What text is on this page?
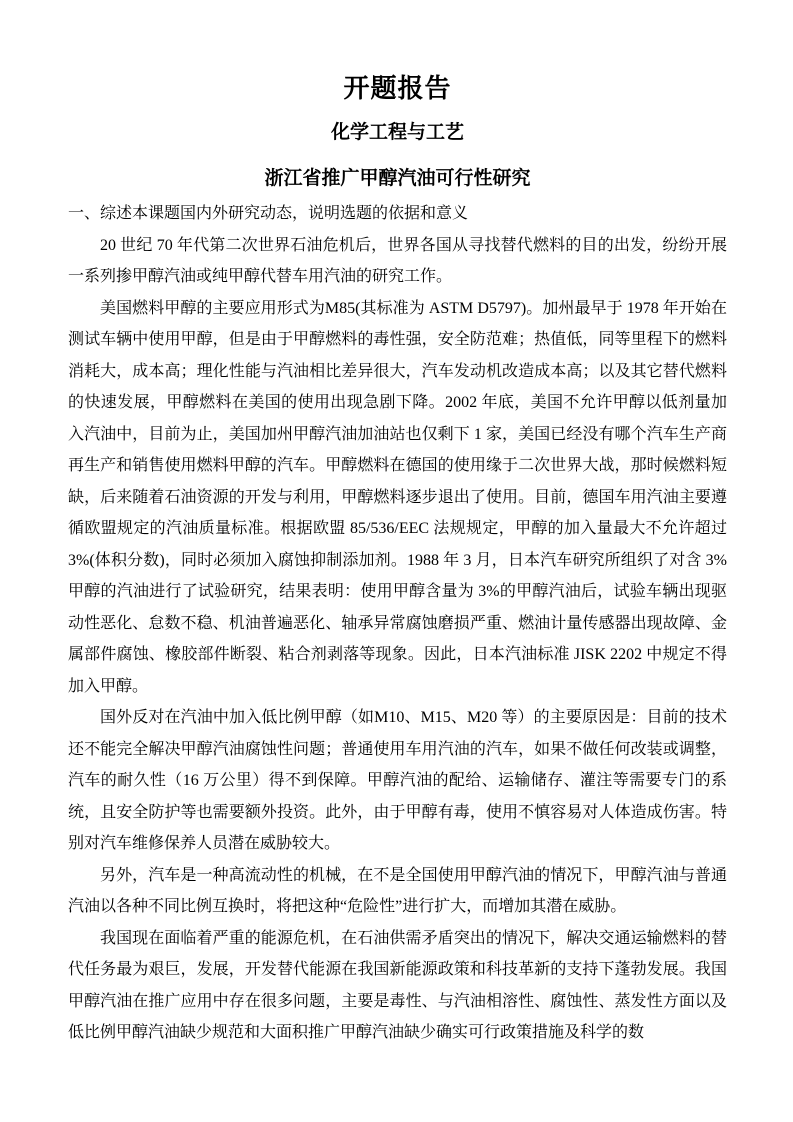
开题报告
化学工程与工艺
浙江省推广甲醇汽油可行性研究
一、综述本课题国内外研究动态，说明选题的依据和意义

20 世纪 70 年代第二次世界石油危机后，世界各国从寻找替代燃料的目的出发，纷纷开展一系列掺甲醇汽油或纯甲醇代替车用汽油的研究工作。

美国燃料甲醇的主要应用形式为M85(其标准为 ASTM D5797)。加州最早于 1978 年开始在测试车辆中使用甲醇，但是由于甲醇燃料的毒性强，安全防范难；热值低，同等里程下的燃料消耗大，成本高；理化性能与汽油相比差异很大，汽车发动机改造成本高；以及其它替代燃料的快速发展，甲醇燃料在美国的使用出现急剧下降。2002 年底，美国不允许甲醇以低剂量加入汽油中，目前为止，美国加州甲醇汽油加油站也仅剩下 1 家，美国已经没有哪个汽车生产商再生产和销售使用燃料甲醇的汽车。甲醇燃料在德国的使用缘于二次世界大战，那时候燃料短缺，后来随着石油资源的开发与利用，甲醇燃料逐步退出了使用。目前，德国车用汽油主要遵循欧盟规定的汽油质量标准。根据欧盟 85/536/EEC 法规规定，甲醇的加入量最大不允许超过 3%(体积分数)，同时必须加入腐蚀抑制添加剂。1988 年 3 月，日本汽车研究所组织了对含 3%甲醇的汽油进行了试验研究，结果表明：使用甲醇含量为 3%的甲醇汽油后，试验车辆出现驱动性恶化、怠数不稳、机油普遍恶化、轴承异常腐蚀磨损严重、燃油计量传感器出现故障、金属部件腐蚀、橡胶部件断裂、粘合剂剥落等现象。因此，日本汽油标准 JISK 2202 中规定不得加入甲醇。

国外反对在汽油中加入低比例甲醇（如M10、M15、M20 等）的主要原因是：目前的技术还不能完全解决甲醇汽油腐蚀性问题；普通使用车用汽油的汽车，如果不做任何改装或调整，汽车的耐久性（16 万公里）得不到保障。甲醇汽油的配给、运输储存、灌注等需要专门的系统，且安全防护等也需要额外投资。此外，由于甲醇有毒，使用不慎容易对人体造成伤害。特别对汽车维修保养人员潜在威胁较大。

另外，汽车是一种高流动性的机械，在不是全国使用甲醇汽油的情况下，甲醇汽油与普通汽油以各种不同比例互换时，将把这种“危险性”进行扩大，而增加其潜在威胁。

我国现在面临着严重的能源危机，在石油供需矛盾突出的情况下，解决交通运输燃料的替代任务最为艰巨，发展，开发替代能源在我国新能源政策和科技革新的支持下蓬勃发展。我国甲醇汽油在推广应用中存在很多问题，主要是毒性、与汽油相溶性、腐蚀性、蒸发性方面以及低比例甲醇汽油缺少规范和大面积推广甲醇汽油缺少确实可行政策措施及科学的数
